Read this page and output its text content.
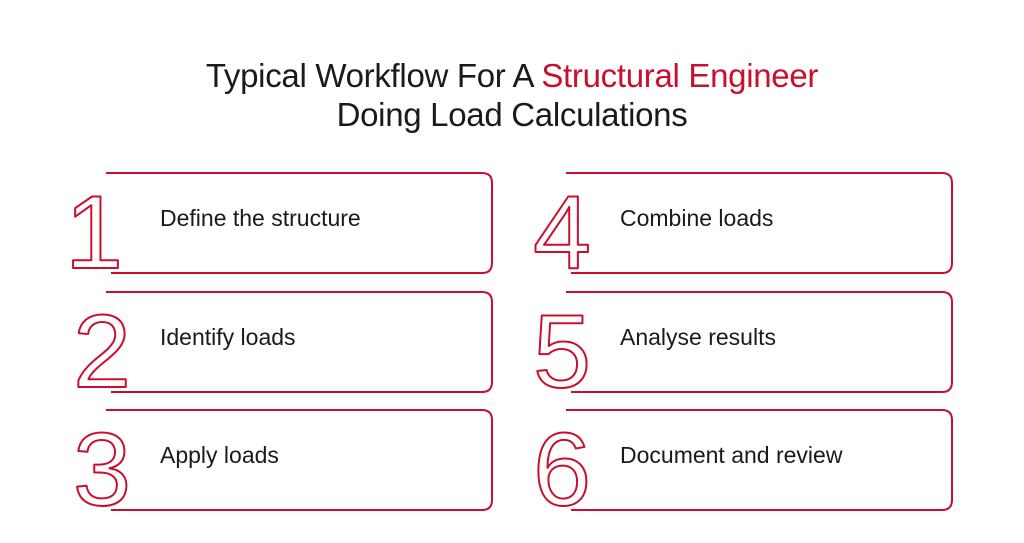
Typical Workflow For A Structural Engineer
Doing Load Calculations
1 Define the structure
2 Identify loads
3 Apply loads
4 Combine loads
5 Analyse results
6 Document and review
